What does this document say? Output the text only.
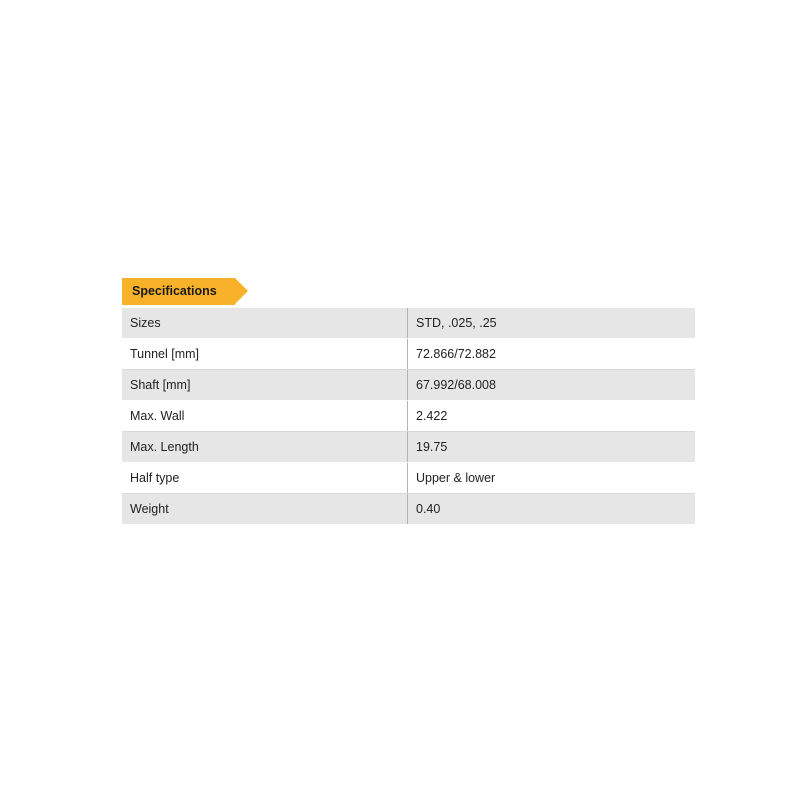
Specifications
Sizes	STD, .025, .25
Tunnel [mm]	72.866/72.882
Shaft [mm]	67.992/68.008
Max. Wall	2.422
Max. Length	19.75
Half type	Upper & lower
Weight	0.40
